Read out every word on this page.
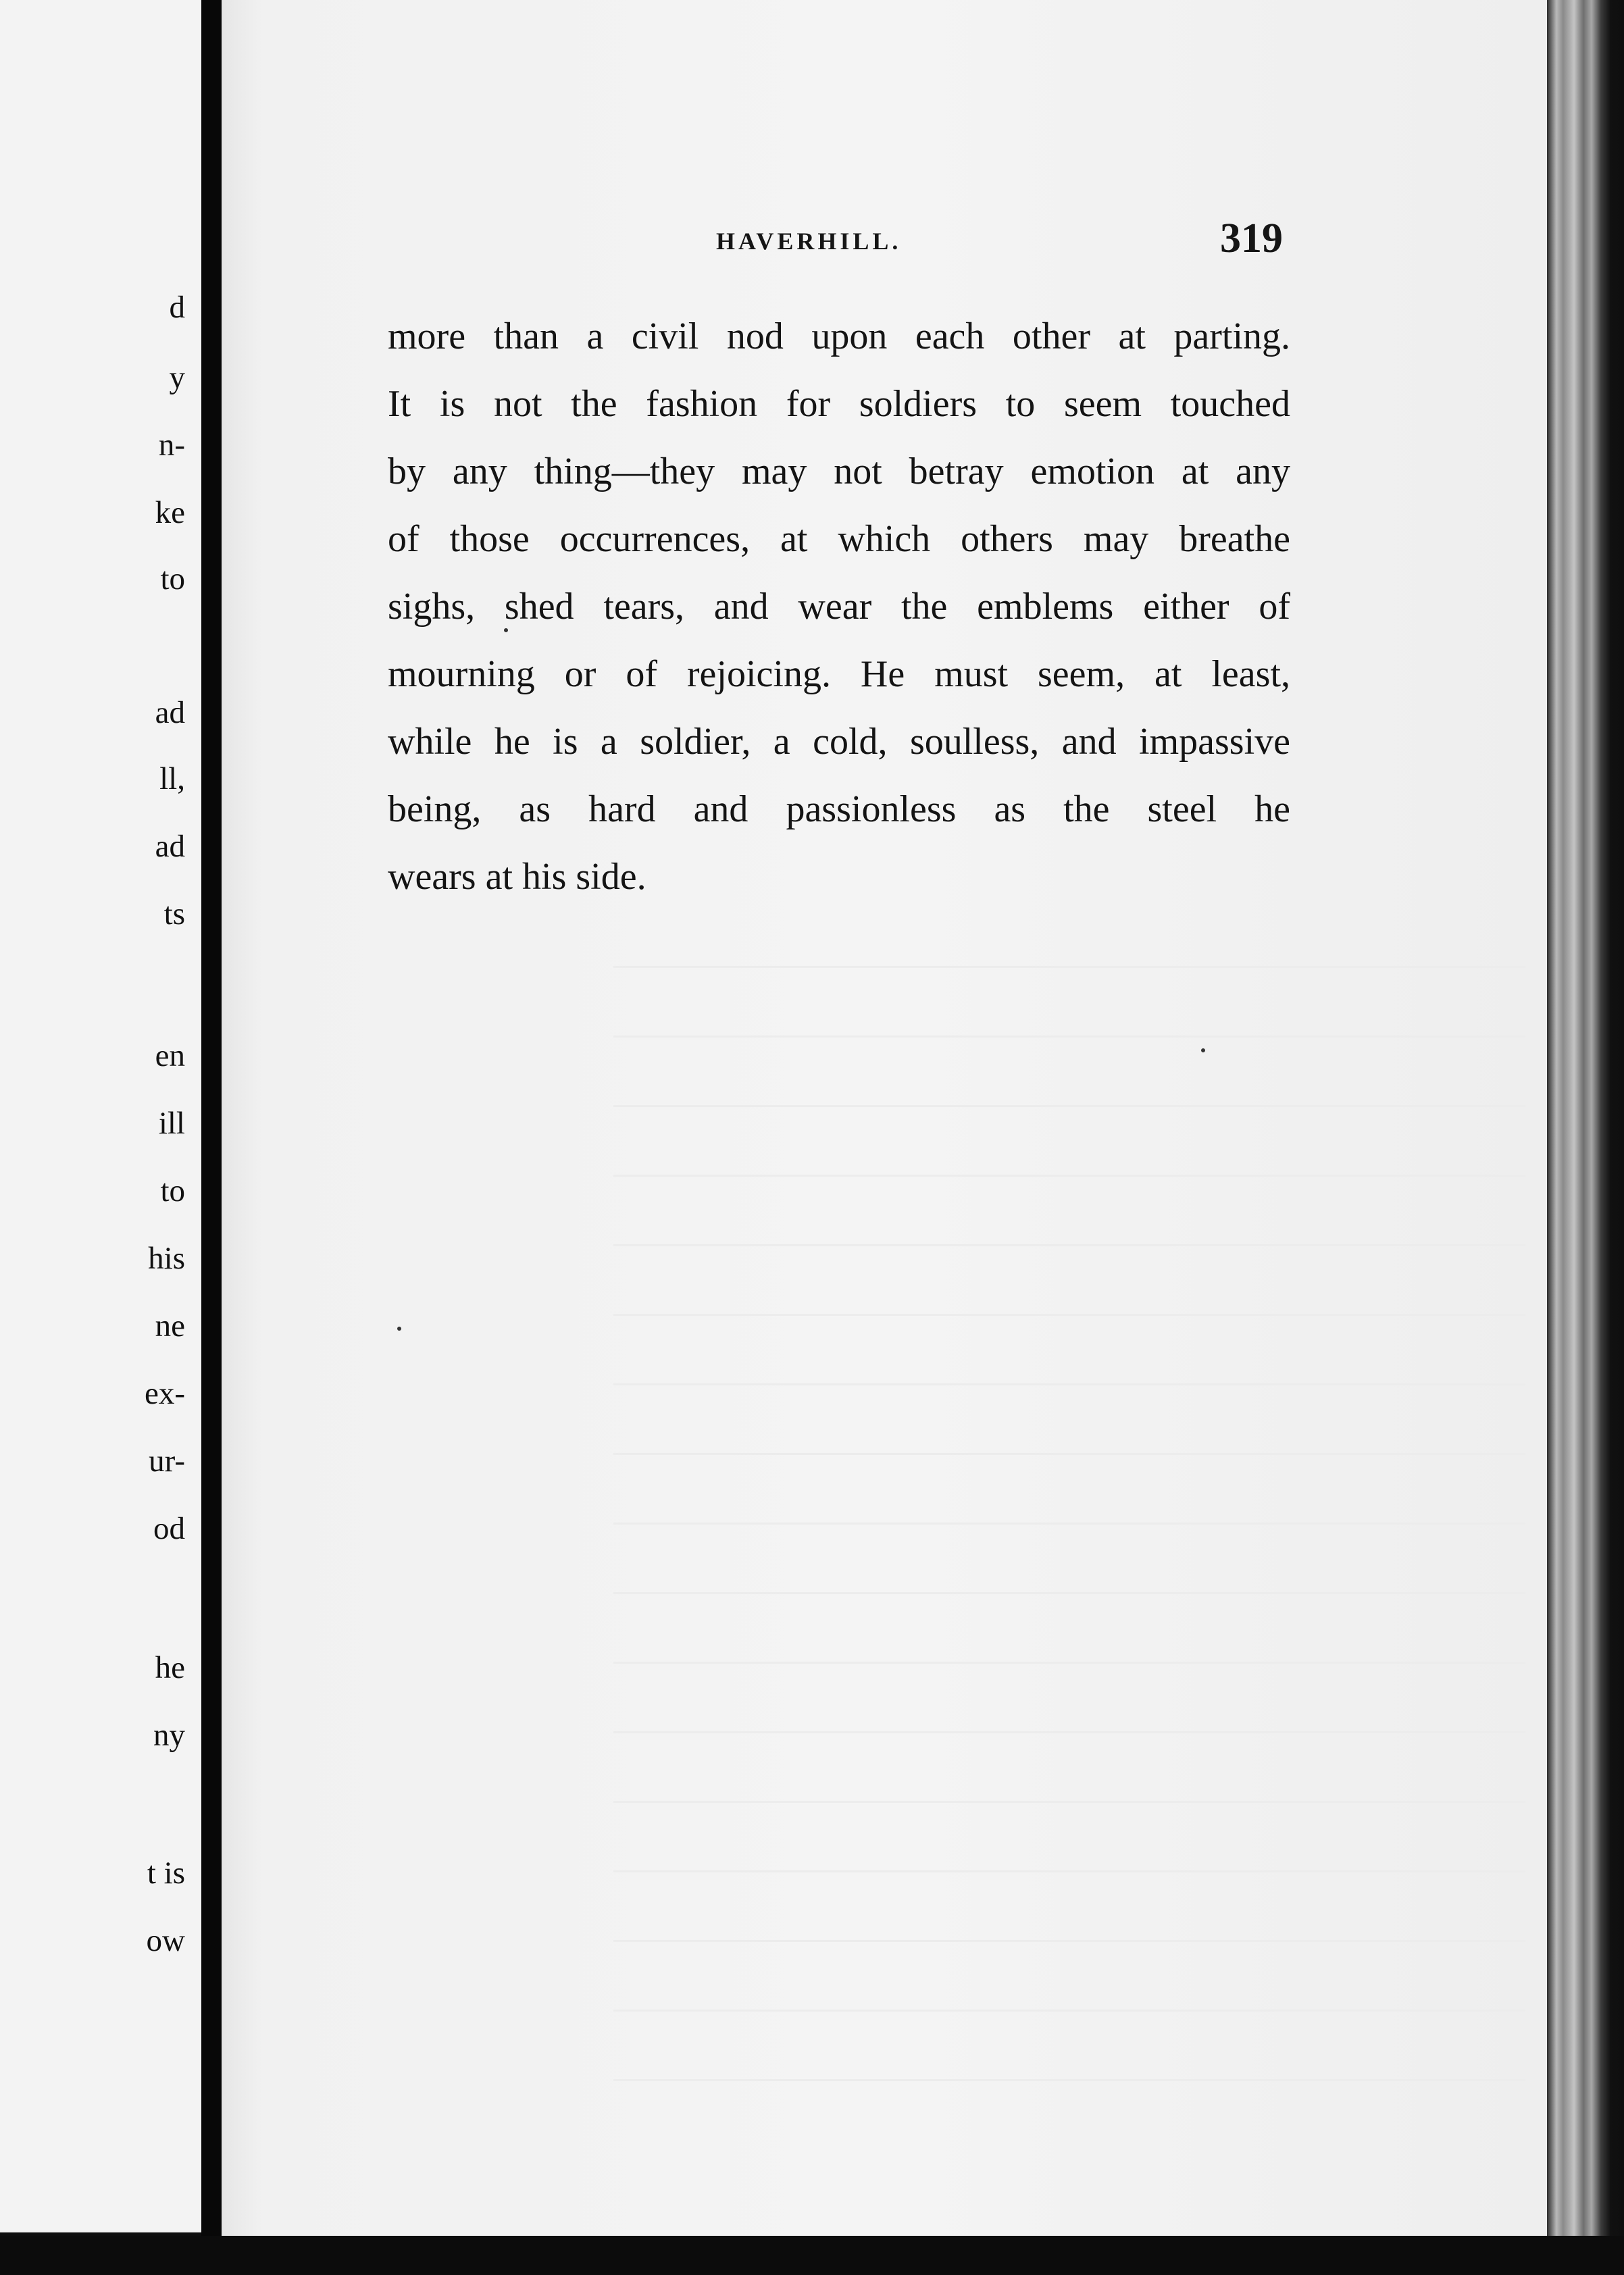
d
y
n-
ke
to
ad
ll,
ad
ts
en
ill
to
his
ne
ex-
ur-
od
he
ny
t is
ow
HAVERHILL.	319
more than a civil nod upon each other at parting.
It is not the fashion for soldiers to seem touched
by any thing—they may not betray emotion at any
of those occurrences, at which others may breathe
sighs, shed tears, and wear the emblems either of
mourning or of rejoicing. He must seem, at least,
while he is a soldier, a cold, soulless, and impassive
being, as hard and passionless as the steel he
wears at his side.
